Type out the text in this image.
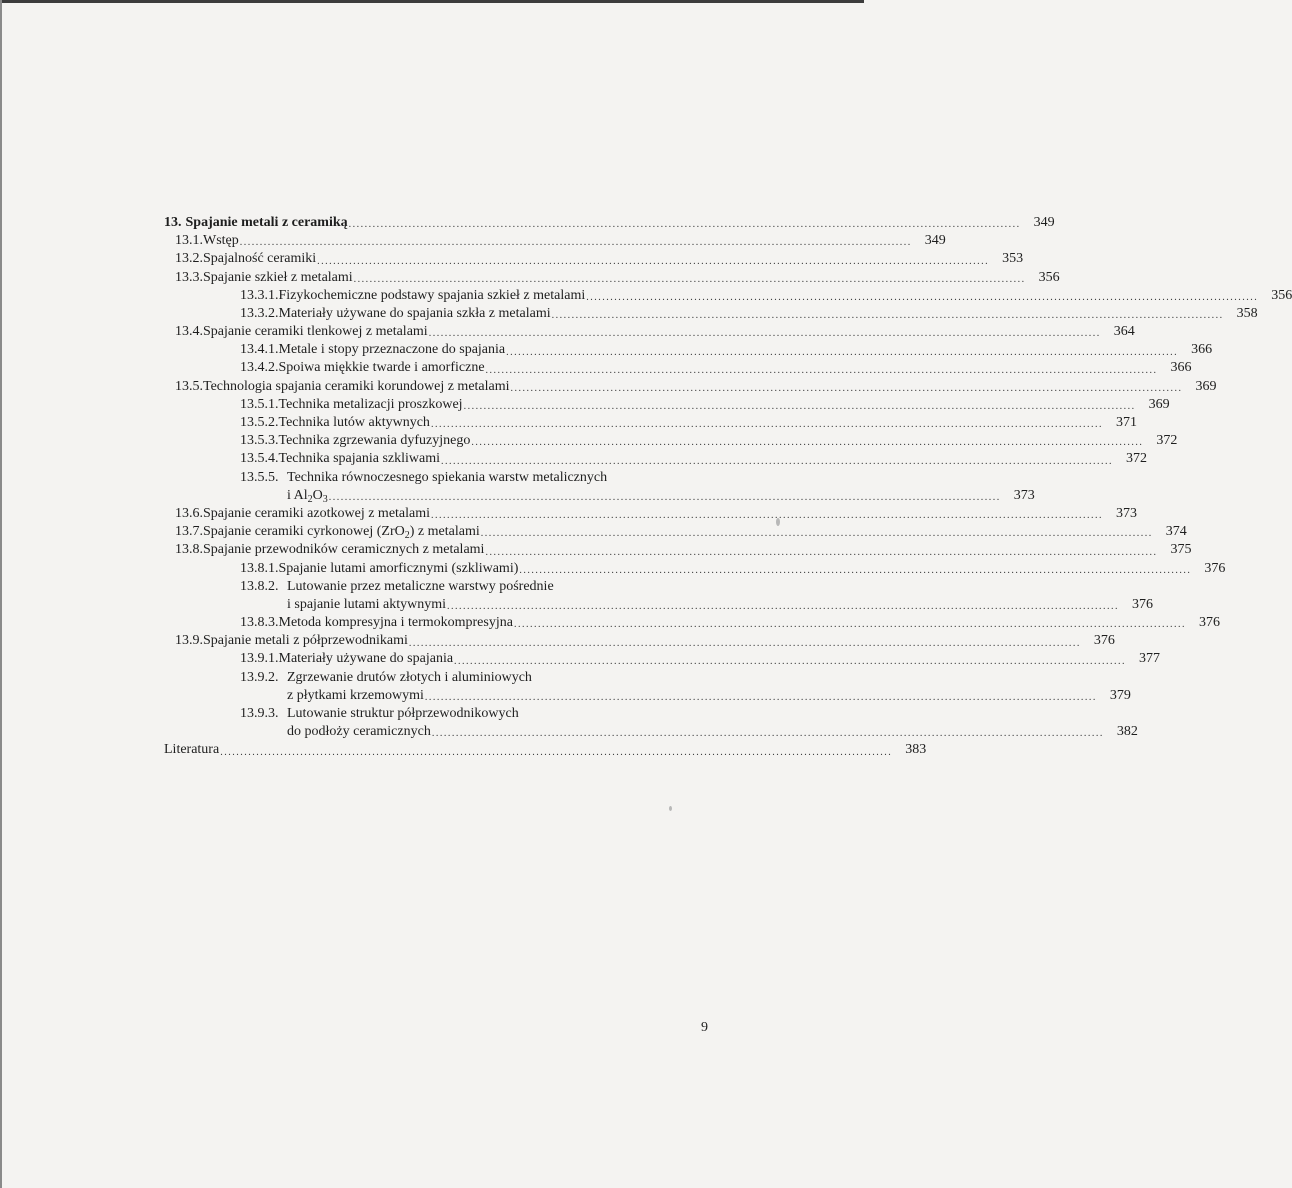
13. Spajanie metali z ceramiką ........................................................................................................................................................................ 349
13.1. Wstęp ........................................................................................................................................................................ 349
13.2. Spajalność ceramiki ........................................................................................................................................................................ 353
13.3. Spajanie szkieł z metalami ........................................................................................................................................................................ 356
13.3.1. Fizykochemiczne podstawy spajania szkieł z metalami ........................................................................................................................................................................ 356
13.3.2. Materiały używane do spajania szkła z metalami ........................................................................................................................................................................ 358
13.4. Spajanie ceramiki tlenkowej z metalami ........................................................................................................................................................................ 364
13.4.1. Metale i stopy przeznaczone do spajania ........................................................................................................................................................................ 366
13.4.2. Spoiwa miękkie twarde i amorficzne ........................................................................................................................................................................ 366
13.5. Technologia spajania ceramiki korundowej z metalami ........................................................................................................................................................................ 369
13.5.1. Technika metalizacji proszkowej ........................................................................................................................................................................ 369
13.5.2. Technika lutów aktywnych ........................................................................................................................................................................ 371
13.5.3. Technika zgrzewania dyfuzyjnego ........................................................................................................................................................................ 372
13.5.4. Technika spajania szkliwami ........................................................................................................................................................................ 372
13.5.5. Technika równoczesnego spiekania warstw metalicznych
i $Al_2O_3$ ........................................................................................................................................................................ 373
13.6. Spajanie ceramiki azotkowej z metalami ........................................................................................................................................................................ 373
13.7. Spajanie ceramiki cyrkonowej (ZrO$_2$) z metalami ........................................................................................................................................................................ 374
13.8. Spajanie przewodników ceramicznych z metalami ........................................................................................................................................................................ 375
13.8.1. Spajanie lutami amorficznymi (szkliwami) ........................................................................................................................................................................ 376
13.8.2. Lutowanie przez metaliczne warstwy pośrednie
i spajanie lutami aktywnymi ........................................................................................................................................................................ 376
13.8.3. Metoda kompresyjna i termokompresyjna ........................................................................................................................................................................ 376
13.9. Spajanie metali z półprzewodnikami ........................................................................................................................................................................ 376
13.9.1. Materiały używane do spajania ........................................................................................................................................................................ 377
13.9.2. Zgrzewanie drutów złotych i aluminiowych
z płytkami krzemowymi ........................................................................................................................................................................ 379
13.9.3. Lutowanie struktur półprzewodnikowych
do podłoży ceramicznych ........................................................................................................................................................................ 382
Literatura ........................................................................................................................................................................ 383
9
